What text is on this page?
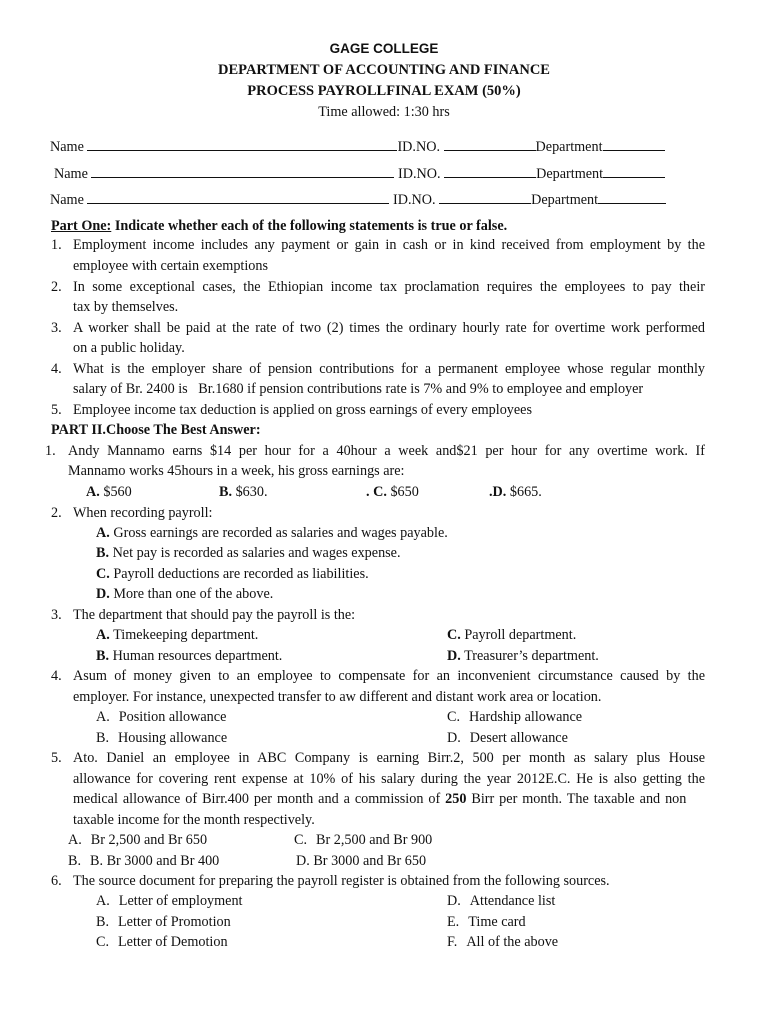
GAGE COLLEGE
DEPARTMENT OF ACCOUNTING AND FINANCE
PROCESS PAYROLLFINAL EXAM (50%)
Time allowed: 1:30 hrs
Name	ID.NO.	Department
Name	ID.NO.	Department
Name	ID.NO.	Department
Part One: Indicate whether each of the following statements is true or false.
1. Employment income includes any payment or gain in cash or in kind received from employment by the
employee with certain exemptions
2. In some exceptional cases, the Ethiopian income tax proclamation requires the employees to pay their
tax by themselves.
3. A worker shall be paid at the rate of two (2) times the ordinary hourly rate for overtime work performed
on a public holiday.
4. What is the employer share of pension contributions for a permanent employee whose regular monthly
salary of Br. 2400 is   Br.1680 if pension contributions rate is 7% and 9% to employee and employer
5. Employee income tax deduction is applied on gross earnings of every employees
PART II.Choose The Best Answer:
1. Andy Mannamo earns $14 per hour for a 40hour a week and$21 per hour for any overtime work. If
Mannamo works 45hours in a week, his gross earnings are:
A. $560	B. $630.	. C. $650	.D. $665.
2. When recording payroll:
A. Gross earnings are recorded as salaries and wages payable.
B. Net pay is recorded as salaries and wages expense.
C. Payroll deductions are recorded as liabilities.
D. More than one of the above.
3. The department that should pay the payroll is the:
A. Timekeeping department.	C. Payroll department.
B. Human resources department.	D. Treasurer’s department.
4. Asum of money given to an employee to compensate for an inconvenient circumstance caused by the
employer. For instance, unexpected transfer to aw different and distant work area or location.
A. Position allowance	C. Hardship allowance
B. Housing allowance	D. Desert allowance
5. Ato. Daniel an employee in ABC Company is earning Birr.2, 500 per month as salary plus House
allowance for covering rent expense at 10% of his salary during the year 2012E.C. He is also getting the
medical allowance of Birr.400 per month and a commission of 250 Birr per month. The taxable and non
taxable income for the month respectively.
A. Br 2,500 and Br 650	C. Br 2,500 and Br 900
B. B. Br 3000 and Br 400	D. Br 3000 and Br 650
6. The source document for preparing the payroll register is obtained from the following sources.
A. Letter of employment	D. Attendance list
B. Letter of Promotion	E. Time card
C. Letter of Demotion	F. All of the above
